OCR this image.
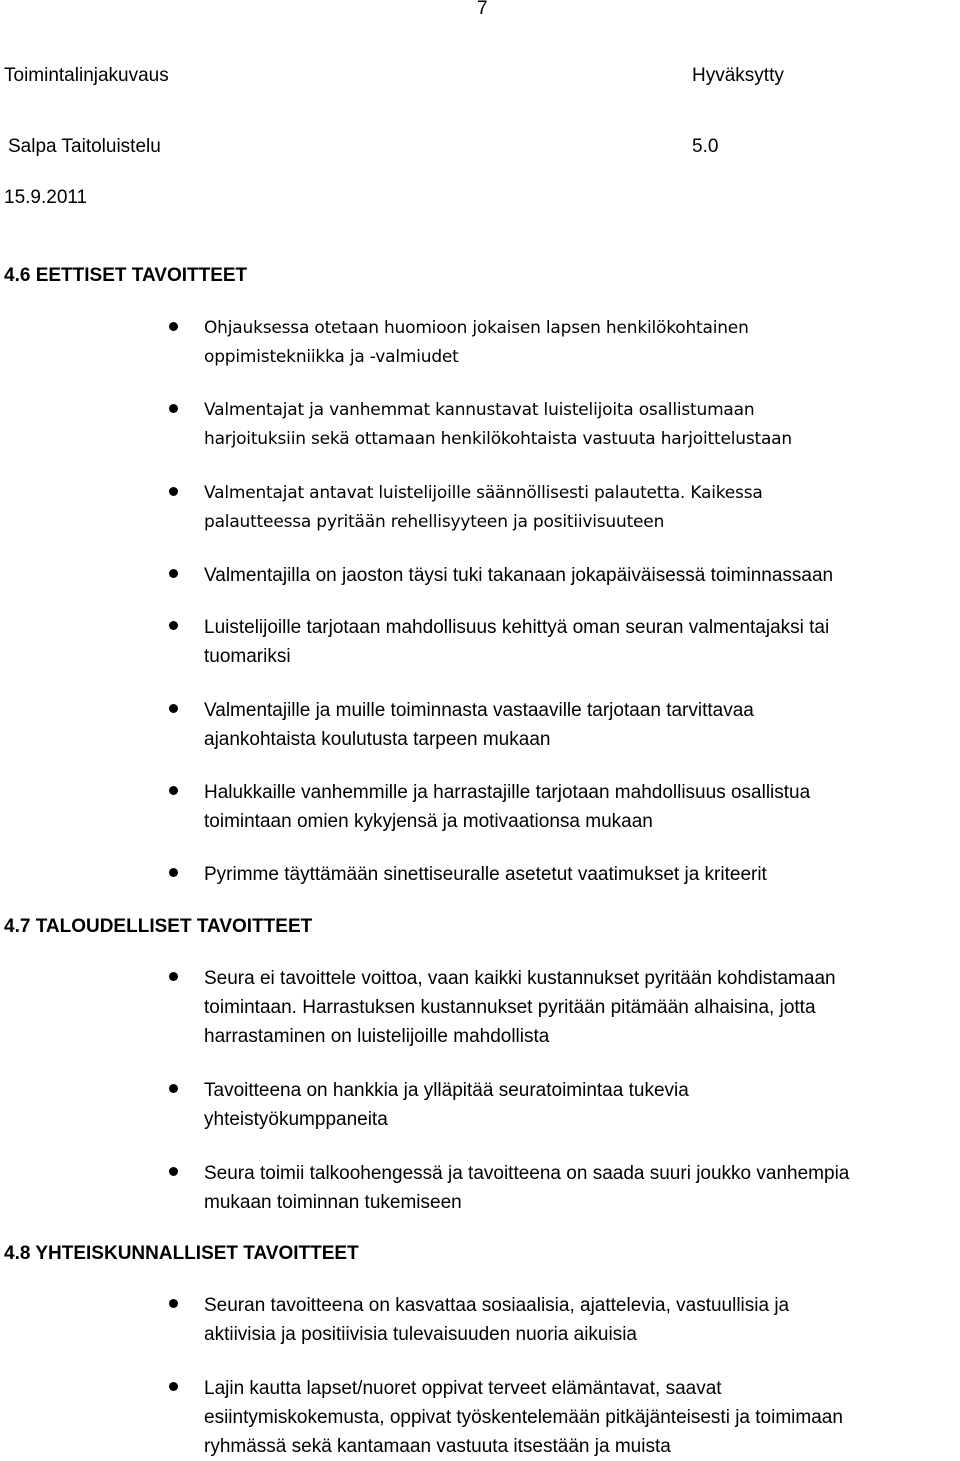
7
Toimintalinjakuvaus	Hyväksytty
Salpa Taitoluistelu	5.0
15.9.2011
4.6 EETTISET TAVOITTEET
Ohjauksessa otetaan huomioon jokaisen lapsen henkilökohtainen
oppimistekniikka ja -valmiudet
Valmentajat ja vanhemmat kannustavat luistelijoita osallistumaan
harjoituksiin sekä ottamaan henkilökohtaista vastuuta harjoittelustaan
Valmentajat antavat luistelijoille säännöllisesti palautetta. Kaikessa
palautteessa pyritään rehellisyyteen ja positiivisuuteen
Valmentajilla on jaoston täysi tuki takanaan jokapäiväisessä toiminnassaan
Luistelijoille tarjotaan mahdollisuus kehittyä oman seuran valmentajaksi tai
tuomariksi
Valmentajille ja muille toiminnasta vastaaville tarjotaan tarvittavaa
ajankohtaista koulutusta tarpeen mukaan
Halukkaille vanhemmille ja harrastajille tarjotaan mahdollisuus osallistua
toimintaan omien kykyjensä ja motivaationsa mukaan
Pyrimme täyttämään sinettiseuralle asetetut vaatimukset ja kriteerit
4.7 TALOUDELLISET TAVOITTEET
Seura ei tavoittele voittoa, vaan kaikki kustannukset pyritään kohdistamaan
toimintaan. Harrastuksen kustannukset pyritään pitämään alhaisina, jotta
harrastaminen on luistelijoille mahdollista
Tavoitteena on hankkia ja ylläpitää seuratoimintaa tukevia
yhteistyökumppaneita
Seura toimii talkoohengessä ja tavoitteena on saada suuri joukko vanhempia
mukaan toiminnan tukemiseen
4.8 YHTEISKUNNALLISET TAVOITTEET
Seuran tavoitteena on kasvattaa sosiaalisia, ajattelevia, vastuullisia ja
aktiivisia ja positiivisia tulevaisuuden nuoria aikuisia
Lajin kautta lapset/nuoret oppivat terveet elämäntavat, saavat
esiintymiskokemusta, oppivat työskentelemään pitkäjänteisesti ja toimimaan
ryhmässä sekä kantamaan vastuuta itsestään ja muista
